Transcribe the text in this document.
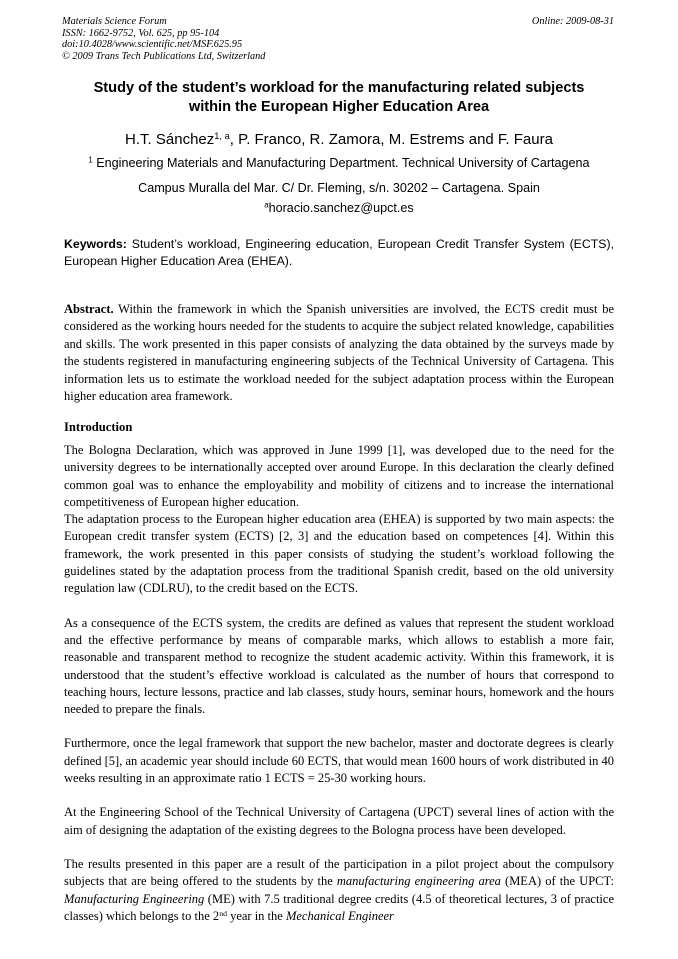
Materials Science Forum
ISSN: 1662-9752, Vol. 625, pp 95-104
doi:10.4028/www.scientific.net/MSF.625.95
© 2009 Trans Tech Publications Ltd, Switzerland
Online: 2009-08-31
Study of the student’s workload for the manufacturing related subjects
within the European Higher Education Area
H.T. Sánchez$^{1, a}$, P. Franco, R. Zamora, M. Estrems and F. Faura
$^1$ Engineering Materials and Manufacturing Department. Technical University of Cartagena
Campus Muralla del Mar. C/ Dr. Fleming, s/n. 30202 – Cartagena. Spain
$^a$horacio.sanchez@upct.es
Keywords: Student’s workload, Engineering education, European Credit Transfer System (ECTS), European Higher Education Area (EHEA).
Abstract. Within the framework in which the Spanish universities are involved, the ECTS credit must be considered as the working hours needed for the students to acquire the subject related knowledge, capabilities and skills. The work presented in this paper consists of analyzing the data obtained by the surveys made by the students registered in manufacturing engineering subjects of the Technical University of Cartagena. This information lets us to estimate the workload needed for the subject adaptation process within the European higher education area framework.
Introduction

The Bologna Declaration, which was approved in June 1999 [1], was developed due to the need for the university degrees to be internationally accepted over around Europe. In this declaration the clearly defined common goal was to enhance the employability and mobility of citizens and to increase the international competitiveness of European higher education.

The adaptation process to the European higher education area (EHEA) is supported by two main aspects: the European credit transfer system (ECTS) [2, 3] and the education based on competences [4]. Within this framework, the work presented in this paper consists of studying the student’s workload following the guidelines stated by the adaptation process from the traditional Spanish credit, based on the old university regulation law (CDLRU), to the credit based on the ECTS.

As a consequence of the ECTS system, the credits are defined as values that represent the student workload and the effective performance by means of comparable marks, which allows to establish a more fair, reasonable and transparent method to recognize the student academic activity. Within this framework, it is understood that the student’s effective workload is calculated as the number of hours that correspond to teaching hours, lecture lessons, practice and lab classes, study hours, seminar hours, homework and the hours needed to prepare the finals.

Furthermore, once the legal framework that support the new bachelor, master and doctorate degrees is clearly defined [5], an academic year should include 60 ECTS, that would mean 1600 hours of work distributed in 40 weeks resulting in an approximate ratio 1 ECTS = 25-30 working hours.

At the Engineering School of the Technical University of Cartagena (UPCT) several lines of action with the aim of designing the adaptation of the existing degrees to the Bologna process have been developed.

The results presented in this paper are a result of the participation in a pilot project about the compulsory subjects that are being offered to the students by the manufacturing engineering area (MEA) of the UPCT: Manufacturing Engineering (ME) with 7.5 traditional degree credits (4.5 of theoretical lectures, 3 of practice classes) which belongs to the 2nd year in the Mechanical Engineer
